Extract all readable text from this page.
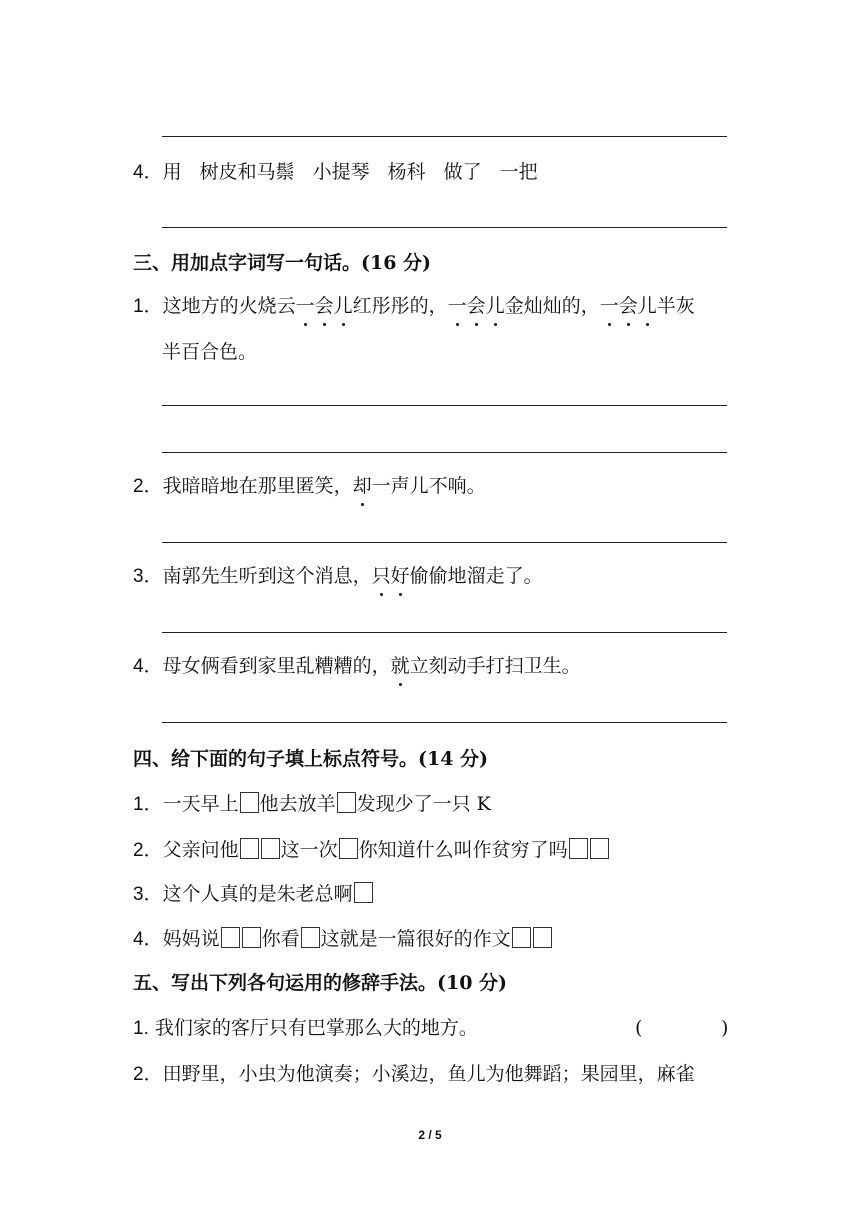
4．用 树皮和马鬃 小提琴 杨科 做了 一把
三、用加点字词写一句话。(16 分)
1．这地方的火烧云一会儿红彤彤的，一会儿金灿灿的，一会儿半灰
半百合色。
2．我暗暗地在那里匿笑，却一声儿不响。
3．南郭先生听到这个消息，只好偷偷地溜走了。
4．母女俩看到家里乱糟糟的，就立刻动手打扫卫生。
四、给下面的句子填上标点符号。(14 分)
1．一天早上 他去放羊 发现少了一只 K
2．父亲问他 这一次 你知道什么叫作贫穷了吗
3．这个人真的是朱老总啊
4．妈妈说 你看 这就是一篇很好的作文
五、写出下列各句运用的修辞手法。(10 分)
1. 我们家的客厅只有巴掌那么大的地方。	(	)
2．田野里，小虫为他演奏；小溪边，鱼儿为他舞蹈；果园里，麻雀
2 / 5
